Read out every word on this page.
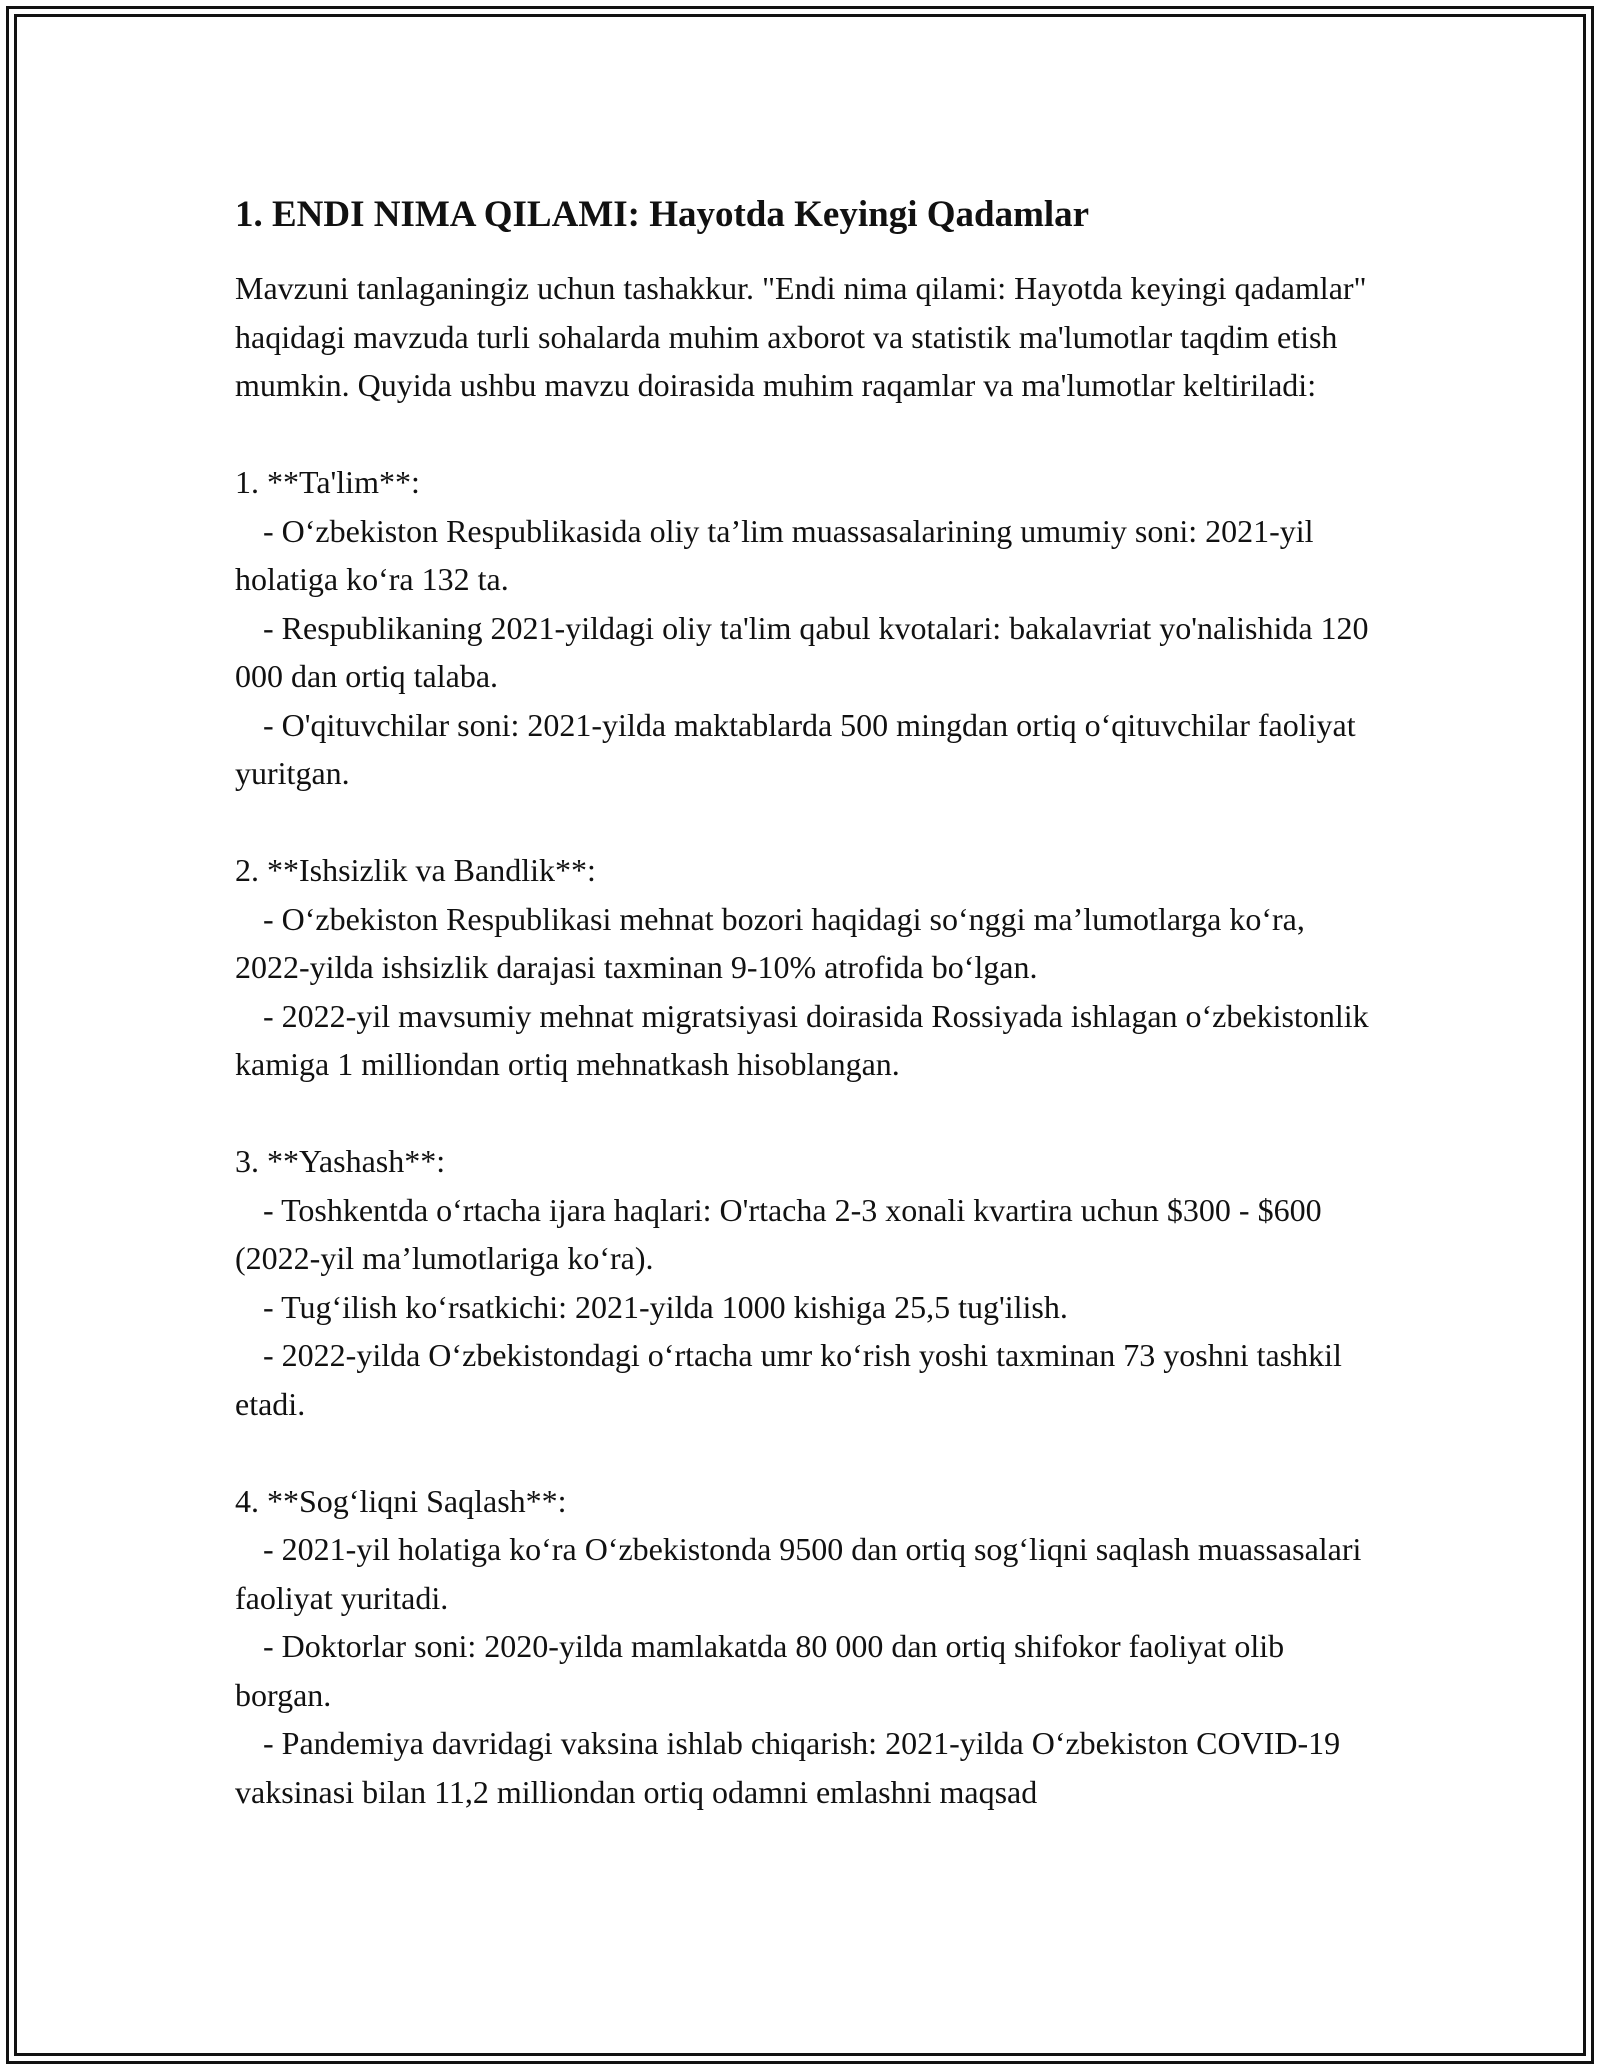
1. ENDI NIMA QILAMI: Hayotda Keyingi Qadamlar

Mavzuni tanlaganingiz uchun tashakkur. "Endi nima qilami: Hayotda keyingi qadamlar" haqidagi mavzuda turli sohalarda muhim axborot va statistik ma'lumotlar taqdim etish mumkin. Quyida ushbu mavzu doirasida muhim raqamlar va ma'lumotlar keltiriladi:

1. **Ta'lim**:

- O‘zbekiston Respublikasida oliy ta’lim muassasalarining umumiy soni: 2021-yil holatiga ko‘ra 132 ta.

- Respublikaning 2021-yildagi oliy ta'lim qabul kvotalari: bakalavriat yo'nalishida 120 000 dan ortiq talaba.

- O'qituvchilar soni: 2021-yilda maktablarda 500 mingdan ortiq o‘qituvchilar faoliyat yuritgan.

2. **Ishsizlik va Bandlik**:

- O‘zbekiston Respublikasi mehnat bozori haqidagi so‘nggi ma’lumotlarga ko‘ra, 2022-yilda ishsizlik darajasi taxminan 9-10% atrofida bo‘lgan.

- 2022-yil mavsumiy mehnat migratsiyasi doirasida Rossiyada ishlagan o‘zbekistonlik kamiga 1 milliondan ortiq mehnatkash hisoblangan.

3. **Yashash**:

- Toshkentda o‘rtacha ijara haqlari: O'rtacha 2-3 xonali kvartira uchun $300 - $600 (2022-yil ma’lumotlariga ko‘ra).

- Tug‘ilish ko‘rsatkichi: 2021-yilda 1000 kishiga 25,5 tug'ilish.

- 2022-yilda O‘zbekistondagi o‘rtacha umr ko‘rish yoshi taxminan 73 yoshni tashkil etadi.

4. **Sog‘liqni Saqlash**:

- 2021-yil holatiga ko‘ra O‘zbekistonda 9500 dan ortiq sog‘liqni saqlash muassasalari faoliyat yuritadi.

- Doktorlar soni: 2020-yilda mamlakatda 80 000 dan ortiq shifokor faoliyat olib borgan.

- Pandemiya davridagi vaksina ishlab chiqarish: 2021-yilda O‘zbekiston COVID-19 vaksinasi bilan 11,2 milliondan ortiq odamni emlashni maqsad
